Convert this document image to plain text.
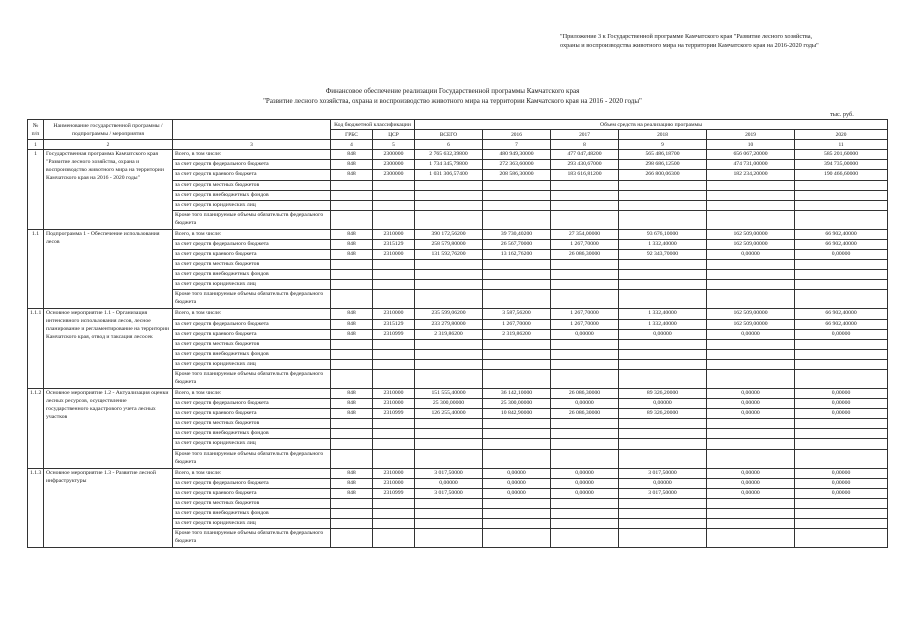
"Приложение 3 к Государственной программе Камчатского края "Развитие лесного хозяйства,
охраны и воспроизводства животного мира на территории Камчатского края на 2016-2020 годы"
Финансовое обеспечение реализации Государственной программы Камчатского края
"Развитие лесного хозяйства, охрана и воспроизводство животного мира на территории Камчатского края на 2016 - 2020 годы"
тыс. руб.
№ п/п	Наименование государственной программы / подпрограммы / мероприятия		Код бюджетной классификации		Объем средств на реализацию программы					
			ГРБС	ЦСР	ВСЕГО	2016	2017	2018	2019	2020
1	2	3	4	5	6	7	8	9	10	11
1	Государственная программа Камчатского края "Развитие лесного хозяйства, охрана и воспроизводство животного мира на территории Камчатского края на 2016 - 2020 годы"	Всего, в том числе:	848	2300000	2 765 632,39800	480 949,30000	477 047,48200	565 486,18700	656 067,20000	585 201,60000
		за счет средств федерального бюджета	848	2300000	1 734 345,79800	272 363,60000	293 430,67000	298 686,12500	474 731,00000	394 735,00000
		за счет средств краевого бюджета	848	2300000	1 031 306,57400	208 586,30000	183 616,81200	266 800,06300	182 234,20000	190 466,60000
		за счет средств местных бюджетов								
		за счет средств внебюджетных фондов								
		за счет средств юридических лиц								
		Кроме того планируемые объемы обязательств федерального бюджета								
1.1	Подпрограмма 1 - Обеспечение использования лесов	Всего, в том числе:	848	2310000	390 172,56200	39 730,40200	27 354,00000	93 676,10000	162 509,00000	66 902,40000
		за счет средств федерального бюджета	848	2315129	258 579,80000	26 567,70000	1 267,70000	1 332,40000	162 509,00000	66 902,40000
		за счет средств краевого бюджета	848	2310000	131 592,76200	13 162,76200	26 086,30000	92 343,70000	0,00000	0,00000
		за счет средств местных бюджетов								
		за счет средств внебюджетных фондов								
		за счет средств юридических лиц								
		Кроме того планируемые объемы обязательств федерального бюджета								
1.1.1	Основное мероприятие 1.1 - Организация интенсивного использования лесов, лесное планирование и регламентирование на территории Камчатского края, отвод и таксация лесосек	Всего, в том числе:	848	2310000	235 599,06200	3 587,56200	1 267,70000	1 332,40000	162 509,00000	66 902,40000
		за счет средств федерального бюджета	848	2315129	233 279,80000	1 267,70000	1 267,70000	1 332,40000	162 509,00000	66 902,40000
		за счет средств краевого бюджета	848	2310999	2 319,86200	2 319,86200	0,00000	0,00000	0,00000	0,00000
		за счет средств местных бюджетов								
		за счет средств внебюджетных фондов								
		за счет средств юридических лиц								
		Кроме того планируемые объемы обязательств федерального бюджета								
1.1.2	Основное мероприятие 1.2 - Актуализация оценки лесных ресурсов, осуществление государственного кадастрового учета лесных участков	Всего, в том числе:	848	2310000	151 555,40000	36 142,10000	26 086,30000	89 326,20000	0,00000	0,00000
		за счет средств федерального бюджета	848	2310000	25 300,00000	25 300,00000	0,00000	0,00000	0,00000	0,00000
		за счет средств краевого бюджета	848	2310999	126 255,40000	10 842,90000	26 086,30000	89 326,20000	0,00000	0,00000
		за счет средств местных бюджетов								
		за счет средств внебюджетных фондов								
		за счет средств юридических лиц								
		Кроме того планируемые объемы обязательств федерального бюджета								
1.1.3	Основное мероприятие 1.3 - Развитие лесной инфраструктуры	Всего, в том числе:	848	2310000	3 017,50000	0,00000	0,00000	3 017,50000	0,00000	0,00000
		за счет средств федерального бюджета	848	2310000	0,00000	0,00000	0,00000	0,00000	0,00000	0,00000
		за счет средств краевого бюджета	848	2310999	3 017,50000	0,00000	0,00000	3 017,50000	0,00000	0,00000
		за счет средств местных бюджетов								
		за счет средств внебюджетных фондов								
		за счет средств юридических лиц								
		Кроме того планируемые объемы обязательств федерального бюджета								
